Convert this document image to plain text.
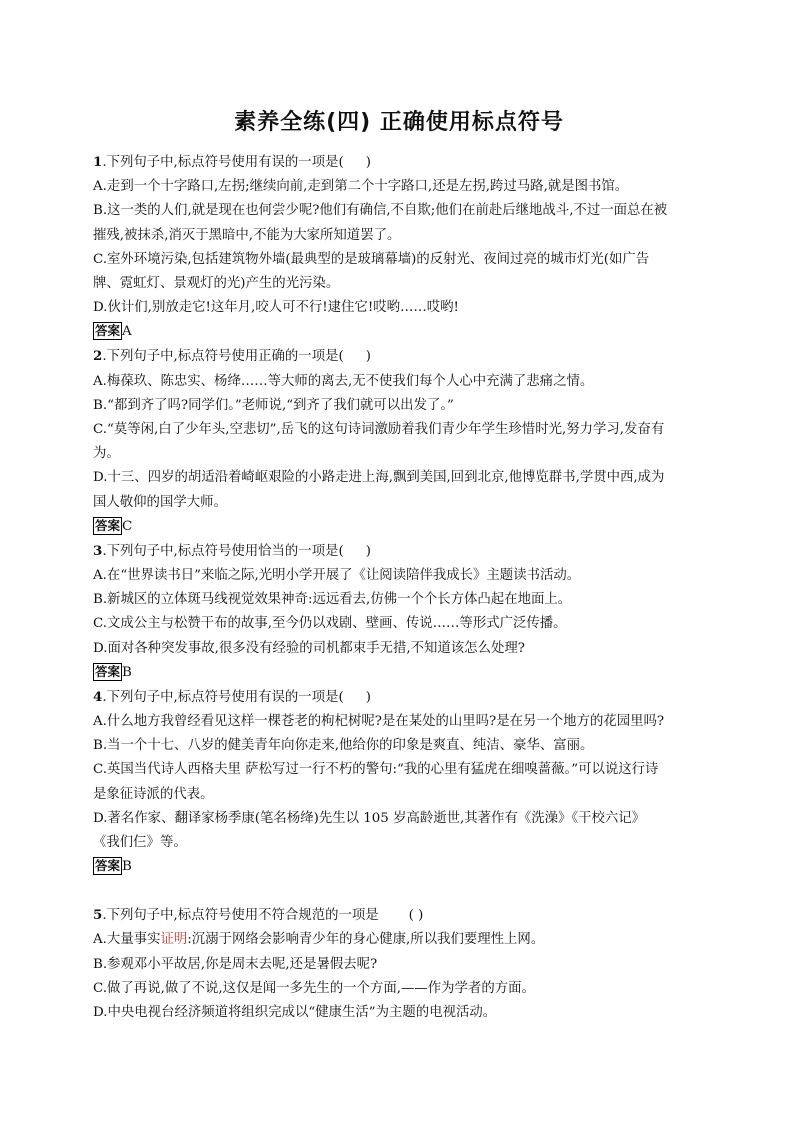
素养全练(四) 正确使用标点符号

1.下列句子中,标点符号使用有误的一项是( )

A.走到一个十字路口,左拐;继续向前,走到第二个十字路口,还是左拐,跨过马路,就是图书馆。

B.这一类的人们,就是现在也何尝少呢?他们有确信,不自欺;他们在前赴后继地战斗,不过一面总在被

摧残,被抹杀,消灭于黑暗中,不能为大家所知道罢了。

C.室外环境污染,包括建筑物外墙(最典型的是玻璃幕墙)的反射光、夜间过亮的城市灯光(如广告

牌、霓虹灯、景观灯的光)产生的光污染。

D.伙计们,别放走它!这年月,咬人可不行!逮住它!哎哟……哎哟!

答案 A

2.下列句子中,标点符号使用正确的一项是( )

A.梅葆玖、陈忠实、杨绛……等大师的离去,无不使我们每个人心中充满了悲痛之情。

B.“都到齐了吗?同学们。”老师说,“到齐了我们就可以出发了。”

C.“莫等闲,白了少年头,空悲切”,岳飞的这句诗词激励着我们青少年学生珍惜时光,努力学习,发奋有

为。

D.十三、四岁的胡适沿着崎岖艰险的小路走进上海,飘到美国,回到北京,他博览群书,学贯中西,成为

国人敬仰的国学大师。

答案 C

3.下列句子中,标点符号使用恰当的一项是( )

A.在“世界读书日”来临之际,光明小学开展了《让阅读陪伴我成长》主题读书活动。

B.新城区的立体斑马线视觉效果神奇:远远看去,仿佛一个个长方体凸起在地面上。

C.文成公主与松赞干布的故事,至今仍以戏剧、壁画、传说……等形式广泛传播。

D.面对各种突发事故,很多没有经验的司机都束手无措,不知道该怎么处理?

答案 B

4.下列句子中,标点符号使用有误的一项是( )

A.什么地方我曾经看见这样一棵苍老的枸杞树呢?是在某处的山里吗?是在另一个地方的花园里吗?

B.当一个十七、八岁的健美青年向你走来,他给你的印象是爽直、纯洁、豪华、富丽。

C.英国当代诗人西格夫里 萨松写过一行不朽的警句:“我的心里有猛虎在细嗅蔷薇。”可以说这行诗

是象征诗派的代表。

D.著名作家、翻译家杨季康(笔名杨绛)先生以 105 岁高龄逝世,其著作有《洗澡》《干校六记》

《我们仨》等。

答案 B

5.下列句子中,标点符号使用不符合规范的一项是 ( )

A.大量事实证明:沉溺于网络会影响青少年的身心健康,所以我们要理性上网。

B.参观邓小平故居,你是周末去呢,还是暑假去呢?

C.做了再说,做了不说,这仅是闻一多先生的一个方面,——作为学者的方面。

D.中央电视台经济频道将组织完成以“健康生活”为主题的电视活动。
